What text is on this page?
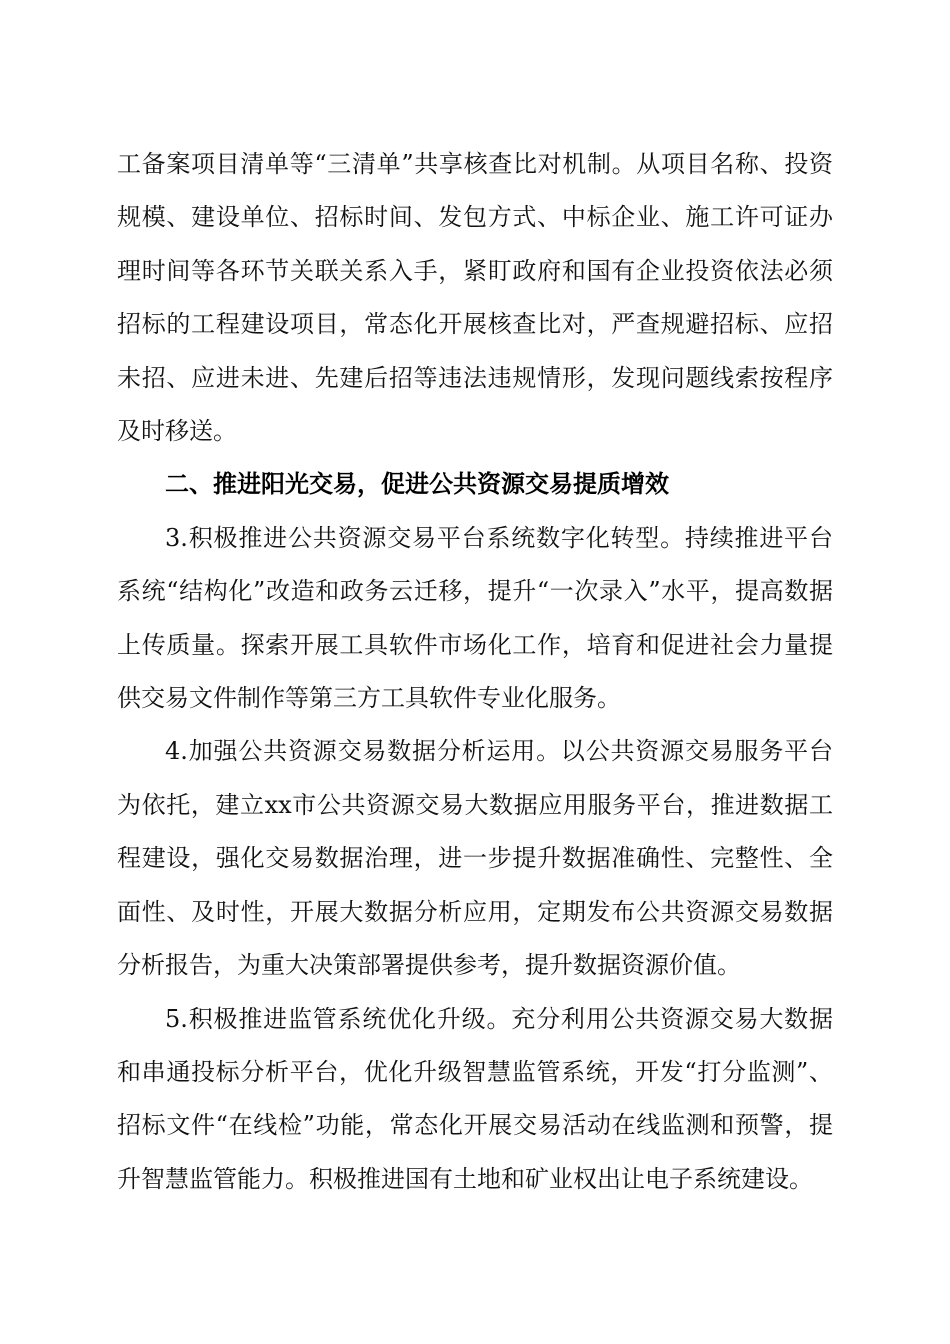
工备案项目清单等“三清单”共享核查比对机制。从项目名称、投资规模、建设单位、招标时间、发包方式、中标企业、施工许可证办理时间等各环节关联关系入手，紧盯政府和国有企业投资依法必须招标的工程建设项目，常态化开展核查比对，严查规避招标、应招未招、应进未进、先建后招等违法违规情形，发现问题线索按程序及时移送。

二、推进阳光交易，促进公共资源交易提质增效

3.积极推进公共资源交易平台系统数字化转型。持续推进平台系统“结构化”改造和政务云迁移，提升“一次录入”水平，提高数据上传质量。探索开展工具软件市场化工作，培育和促进社会力量提供交易文件制作等第三方工具软件专业化服务。

4.加强公共资源交易数据分析运用。以公共资源交易服务平台为依托，建立xx市公共资源交易大数据应用服务平台，推进数据工程建设，强化交易数据治理，进一步提升数据准确性、完整性、全面性、及时性，开展大数据分析应用，定期发布公共资源交易数据分析报告，为重大决策部署提供参考，提升数据资源价值。

5.积极推进监管系统优化升级。充分利用公共资源交易大数据和串通投标分析平台，优化升级智慧监管系统，开发“打分监测”、招标文件“在线检”功能，常态化开展交易活动在线监测和预警，提升智慧监管能力。积极推进国有土地和矿业权出让电子系统建设。
